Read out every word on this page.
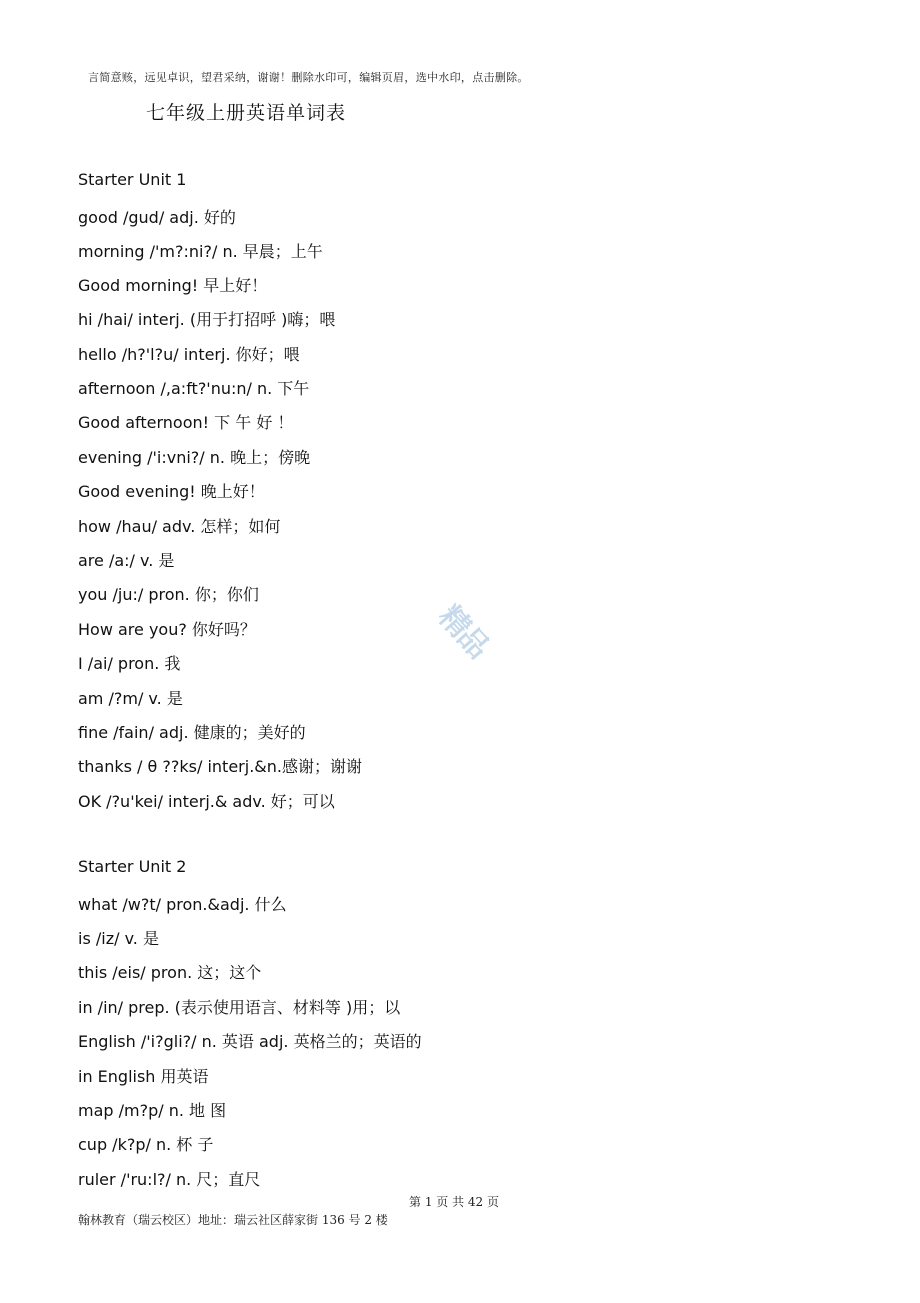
言简意赅，远见卓识，望君采纳，谢谢！删除水印可，编辑页眉，选中水印，点击删除。
七年级上册英语单词表
Starter Unit 1
good /gud/ adj. 好的
morning /'m?:ni?/ n. 早晨；上午
Good morning! 早上好！
hi /hai/ interj. (用于打招呼 )嗨；喂
hello /h?'l?u/ interj. 你好；喂
afternoon /,a:ft?'nu:n/ n. 下午
Good afternoon! 下 午 好 ！
evening /'i:vni?/ n. 晚上；傍晚
Good evening! 晚上好！
how /hau/ adv. 怎样；如何
are /a:/ v. 是
you /ju:/ pron. 你；你们
How are you? 你好吗？
I /ai/ pron. 我
am /?m/ v. 是
fine /fain/ adj. 健康的；美好的
thanks / θ ??ks/ interj.&n.感谢；谢谢
OK /?u'kei/ interj.& adv. 好；可以
Starter Unit 2
what /w?t/ pron.&adj. 什么
is /iz/ v. 是
this /eis/ pron. 这；这个
in /in/ prep. (表示使用语言、材料等 )用；以
English /'i?gli?/ n. 英语 adj. 英格兰的；英语的
in English 用英语
map /m?p/ n. 地 图
cup /k?p/ n. 杯 子
ruler /'ru:l?/ n. 尺；直尺
精品
第 1 页 共 42 页
翰林教育（瑞云校区）地址：瑞云社区薛家街 136 号 2 楼
